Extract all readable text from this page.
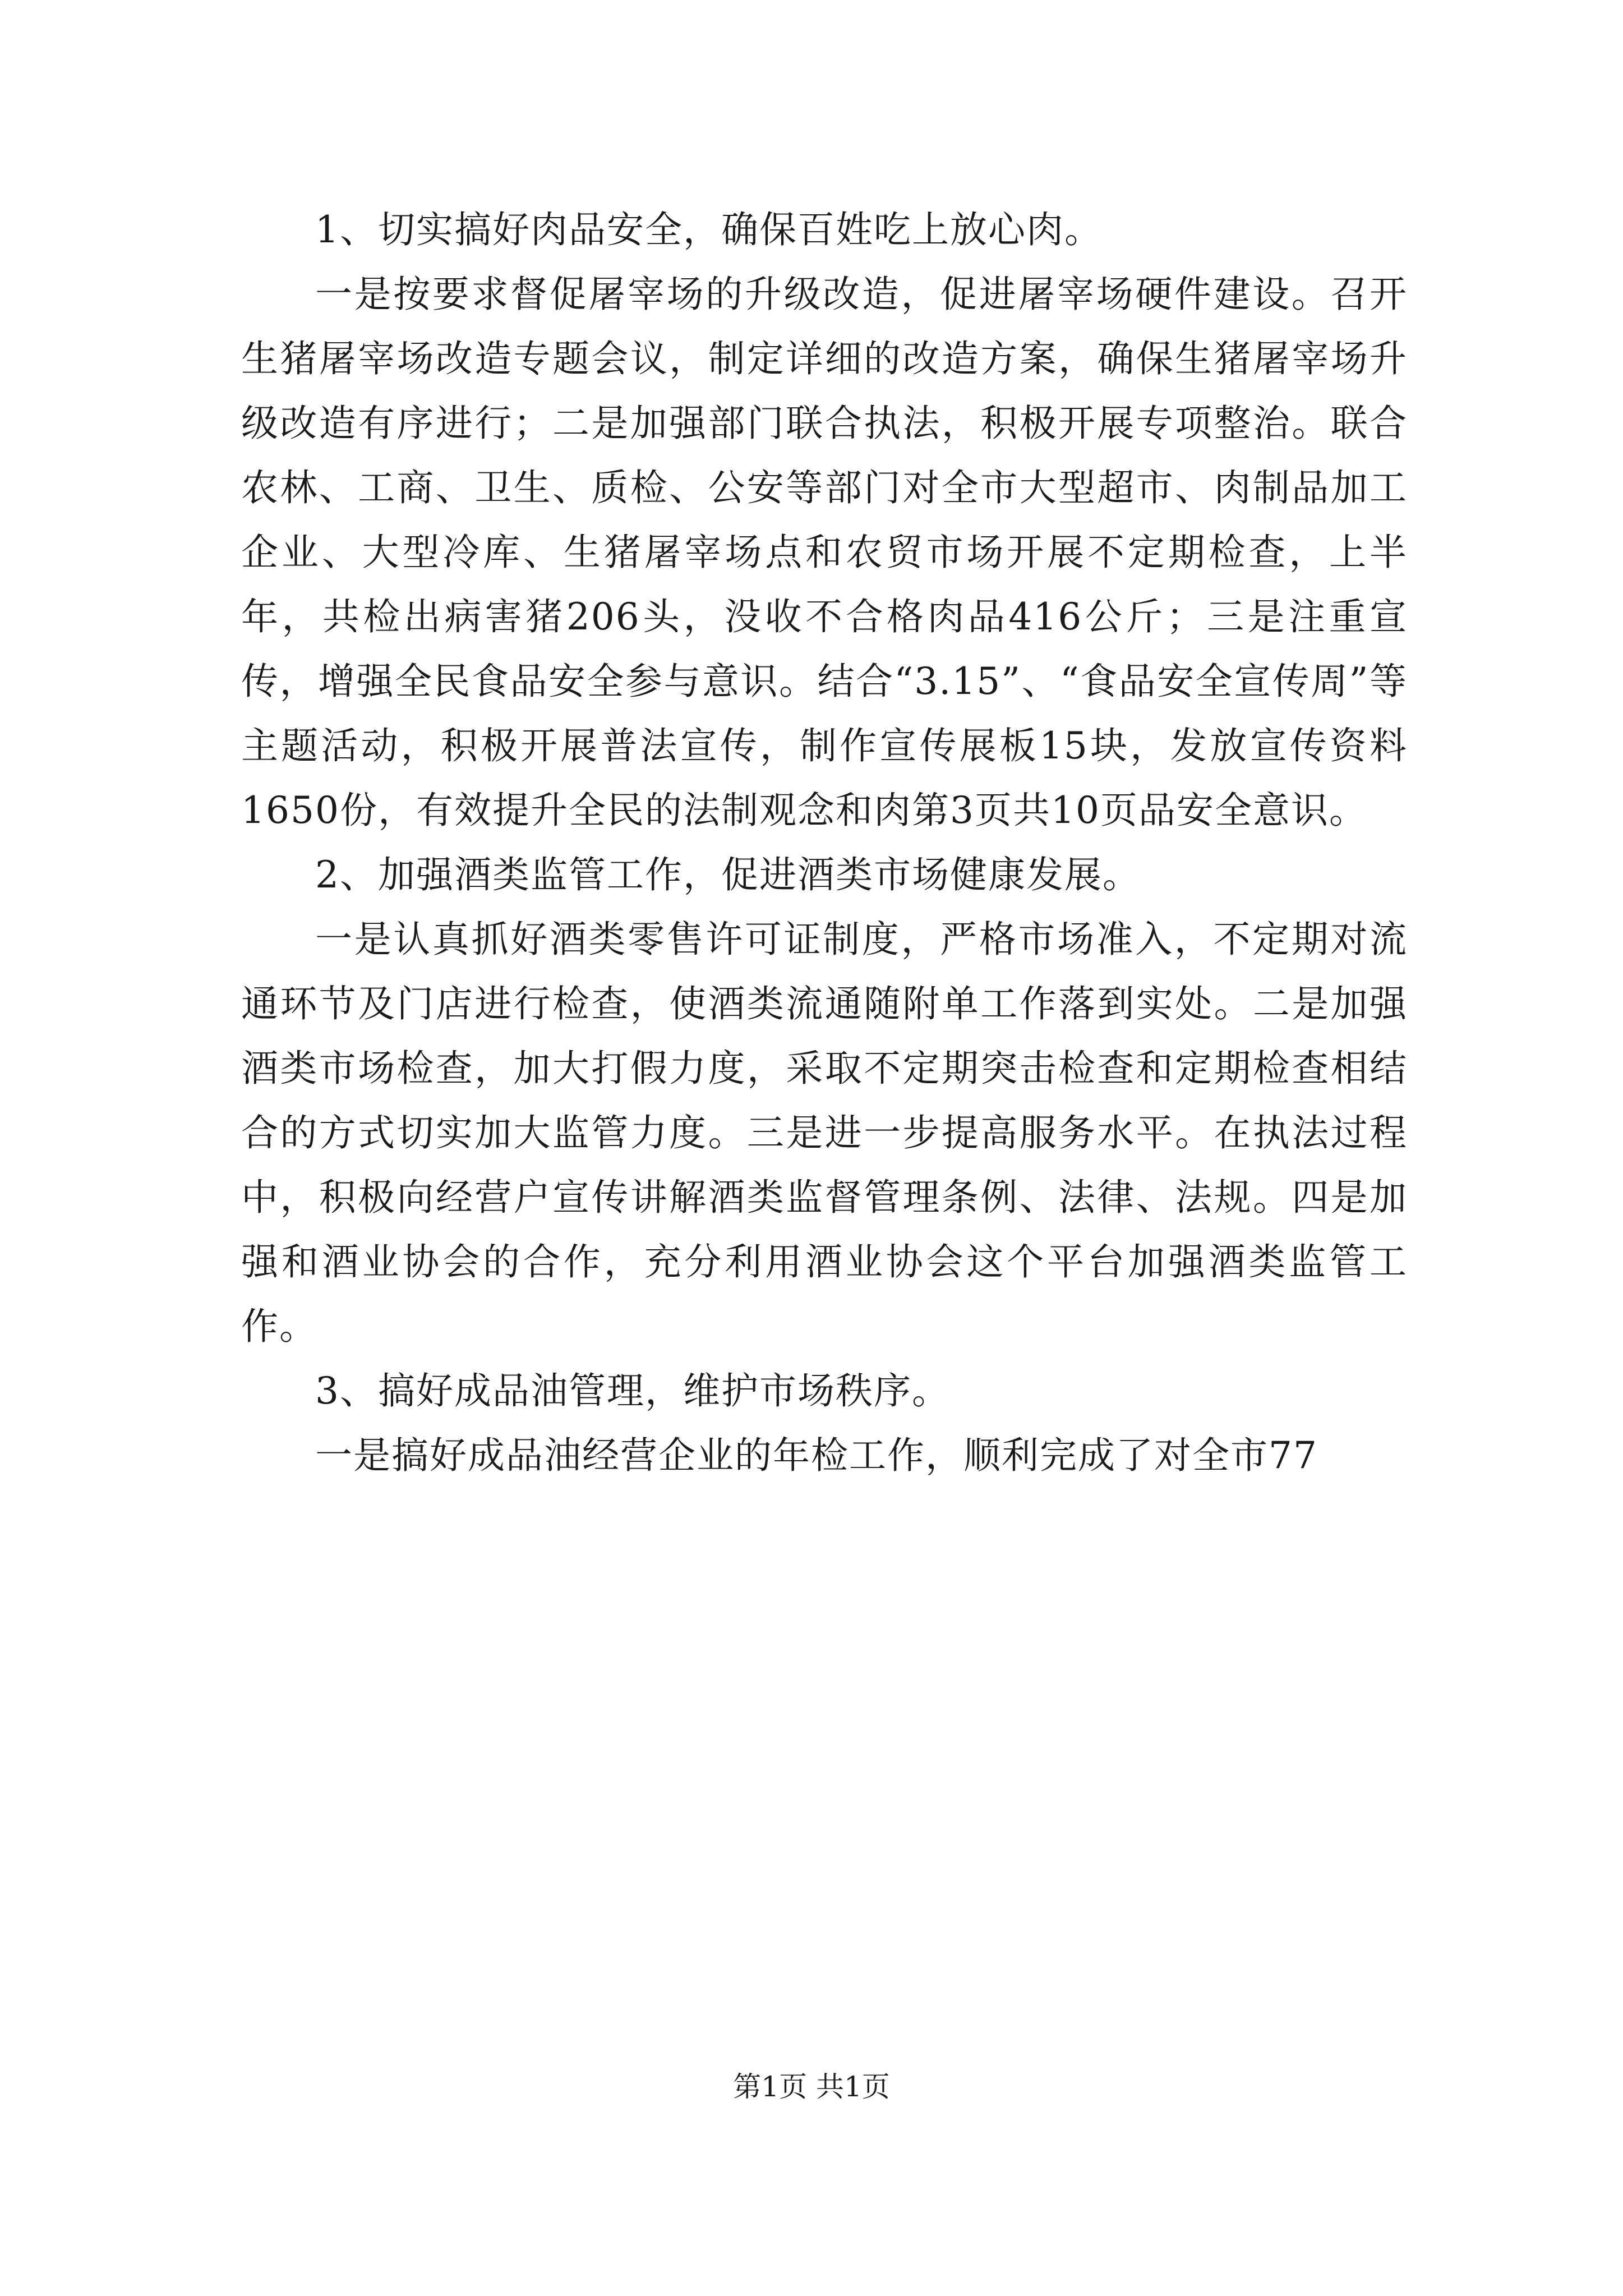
1、切实搞好肉品安全，确保百姓吃上放心肉。

一是按要求督促屠宰场的升级改造，促进屠宰场硬件建设。召开生猪屠宰场改造专题会议，制定详细的改造方案，确保生猪屠宰场升级改造有序进行；二是加强部门联合执法，积极开展专项整治。联合农林、工商、卫生、质检、公安等部门对全市大型超市、肉制品加工企业、大型冷库、生猪屠宰场点和农贸市场开展不定期检查，上半年，共检出病害猪206头，没收不合格肉品416公斤；三是注重宣传，增强全民食品安全参与意识。结合“3.15”、“食品安全宣传周”等主题活动，积极开展普法宣传，制作宣传展板15块，发放宣传资料1650份，有效提升全民的法制观念和肉第3页共10页品安全意识。

2、加强酒类监管工作，促进酒类市场健康发展。

一是认真抓好酒类零售许可证制度，严格市场准入，不定期对流通环节及门店进行检查，使酒类流通随附单工作落到实处。二是加强酒类市场检查，加大打假力度，采取不定期突击检查和定期检查相结合的方式切实加大监管力度。三是进一步提高服务水平。在执法过程中，积极向经营户宣传讲解酒类监督管理条例、法律、法规。四是加强和酒业协会的合作，充分利用酒业协会这个平台加强酒类监管工作。

3、搞好成品油管理，维护市场秩序。

一是搞好成品油经营企业的年检工作，顺利完成了对全市77

第1页 共1页
